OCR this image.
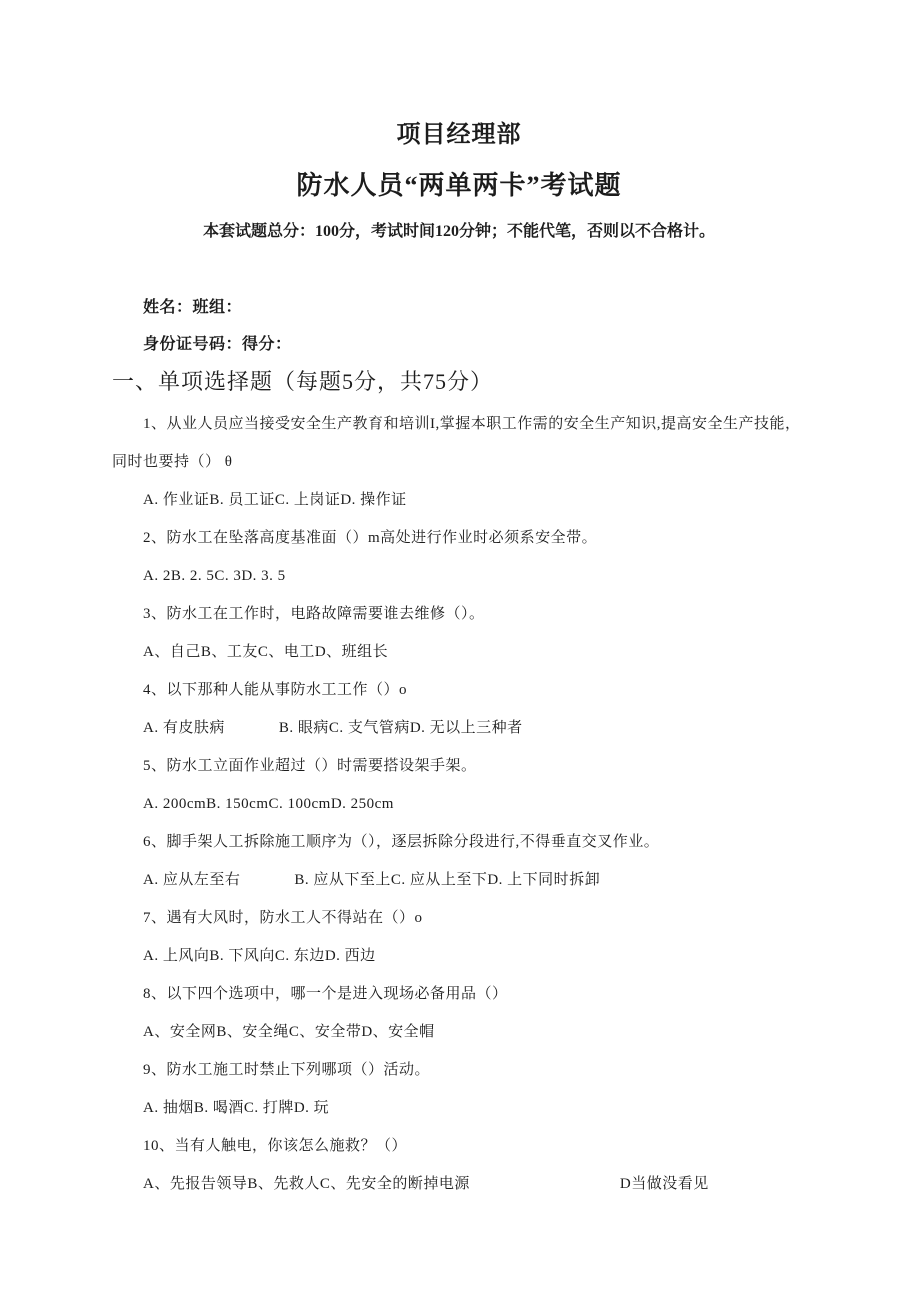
项目经理部
防水人员“两单两卡”考试题

本套试题总分：100分，考试时间120分钟；不能代笔，否则以不合格计。

姓名：班组：

身份证号码：得分：

一、单项选择题（每题5分，共75分）

1、从业人员应当接受安全生产教育和培训I,掌握本职工作需的安全生产知识,提高安全生产技能，同时也要持（） θ

A. 作业证B. 员工证C. 上岗证D. 操作证

2、防水工在坠落高度基准面（）m高处进行作业时必须系安全带。

A. 2B. 2. 5C. 3D. 3. 5

3、防水工在工作时，电路故障需要谁去维修（）。

A、自己B、工友C、电工D、班组长

4、以下那种人能从事防水工工作（）o

A. 有皮肤病	B. 眼病C. 支气管病D. 无以上三种者

5、防水工立面作业超过（）时需要搭设架手架。

A. 200cmB. 150cmC. 100cmD. 250cm

6、脚手架人工拆除施工顺序为（），逐层拆除分段进行,不得垂直交叉作业。

A. 应从左至右	B. 应从下至上C. 应从上至下D. 上下同时拆卸

7、遇有大风时，防水工人不得站在（）o

A. 上风向B. 下风向C. 东边D. 西边

8、以下四个选项中，哪一个是进入现场必备用品（）

A、安全网B、安全绳C、安全带D、安全帽

9、防水工施工时禁止下列哪项（）活动。

A. 抽烟B. 喝酒C. 打牌D. 玩

10、当有人触电，你该怎么施救？（）

A、先报告领导B、先救人C、先安全的断掉电源	D当做没看见
